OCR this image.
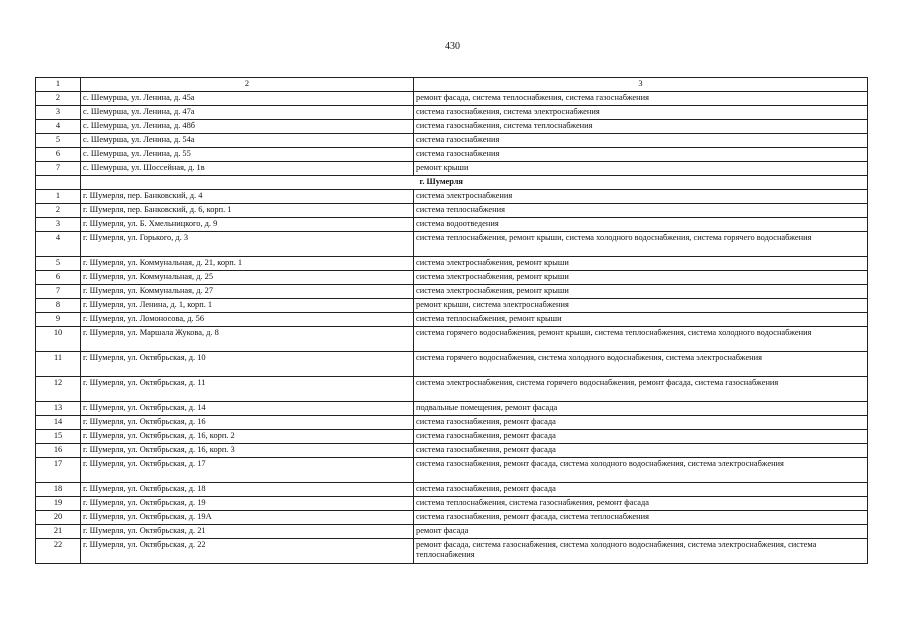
430
1	2	3
2	с. Шемурша, ул. Ленина, д. 45а	ремонт фасада, система теплоснабжения, система газоснабжения
3	с. Шемурша, ул. Ленина, д. 47а	система газоснабжения, система электроснабжения
4	с. Шемурша, ул. Ленина, д. 48б	система газоснабжения, система теплоснабжения
5	с. Шемурша, ул. Ленина, д. 54а	система газоснабжения
6	с. Шемурша, ул. Ленина, д. 55	система газоснабжения
7	с. Шемурша, ул. Шоссейная, д. 1в	ремонт крыши
		г. Шумерля
1	г. Шумерля, пер. Банковский, д. 4	система электроснабжения
2	г. Шумерля, пер. Банковский, д. 6, корп. 1	система теплоснабжения
3	г. Шумерля, ул. Б. Хмельницкого, д. 9	система водоотведения
4	г. Шумерля, ул. Горького, д. 3	система теплоснабжения, ремонт крыши, система холодного водоснабжения, система горячего водоснабжения
5	г. Шумерля, ул. Коммунальная, д. 21, корп. 1	система электроснабжения, ремонт крыши
6	г. Шумерля, ул. Коммунальная, д. 25	система электроснабжения, ремонт крыши
7	г. Шумерля, ул. Коммунальная, д. 27	система электроснабжения, ремонт крыши
8	г. Шумерля, ул. Ленина, д. 1, корп. 1	ремонт крыши, система электроснабжения
9	г. Шумерля, ул. Ломоносова, д. 56	система теплоснабжения, ремонт крыши
10	г. Шумерля, ул. Маршала Жукова, д. 8	система горячего водоснабжения, ремонт крыши, система теплоснабжения, система холодного водоснабжения
11	г. Шумерля, ул. Октябрьская, д. 10	система горячего водоснабжения, система холодного водоснабжения, система электроснабжения
12	г. Шумерля, ул. Октябрьская, д. 11	система электроснабжения, система горячего водоснабжения, ремонт фасада, система газоснабжения
13	г. Шумерля, ул. Октябрьская, д. 14	подвальные помещения, ремонт фасада
14	г. Шумерля, ул. Октябрьская, д. 16	система газоснабжения, ремонт фасада
15	г. Шумерля, ул. Октябрьская, д. 16, корп. 2	система газоснабжения, ремонт фасада
16	г. Шумерля, ул. Октябрьская, д. 16, корп. 3	система газоснабжения, ремонт фасада
17	г. Шумерля, ул. Октябрьская, д. 17	система газоснабжения, ремонт фасада, система холодного водоснабжения, система электроснабжения
18	г. Шумерля, ул. Октябрьская, д. 18	система газоснабжения, ремонт фасада
19	г. Шумерля, ул. Октябрьская, д. 19	система теплоснабжения, система газоснабжения, ремонт фасада
20	г. Шумерля, ул. Октябрьская, д. 19А	система газоснабжения, ремонт фасада, система теплоснабжения
21	г. Шумерля, ул. Октябрьская, д. 21	ремонт фасада
22	г. Шумерля, ул. Октябрьская, д. 22	ремонт фасада, система газоснабжения, система холодного водоснабжения, система электроснабжения, система теплоснабжения
